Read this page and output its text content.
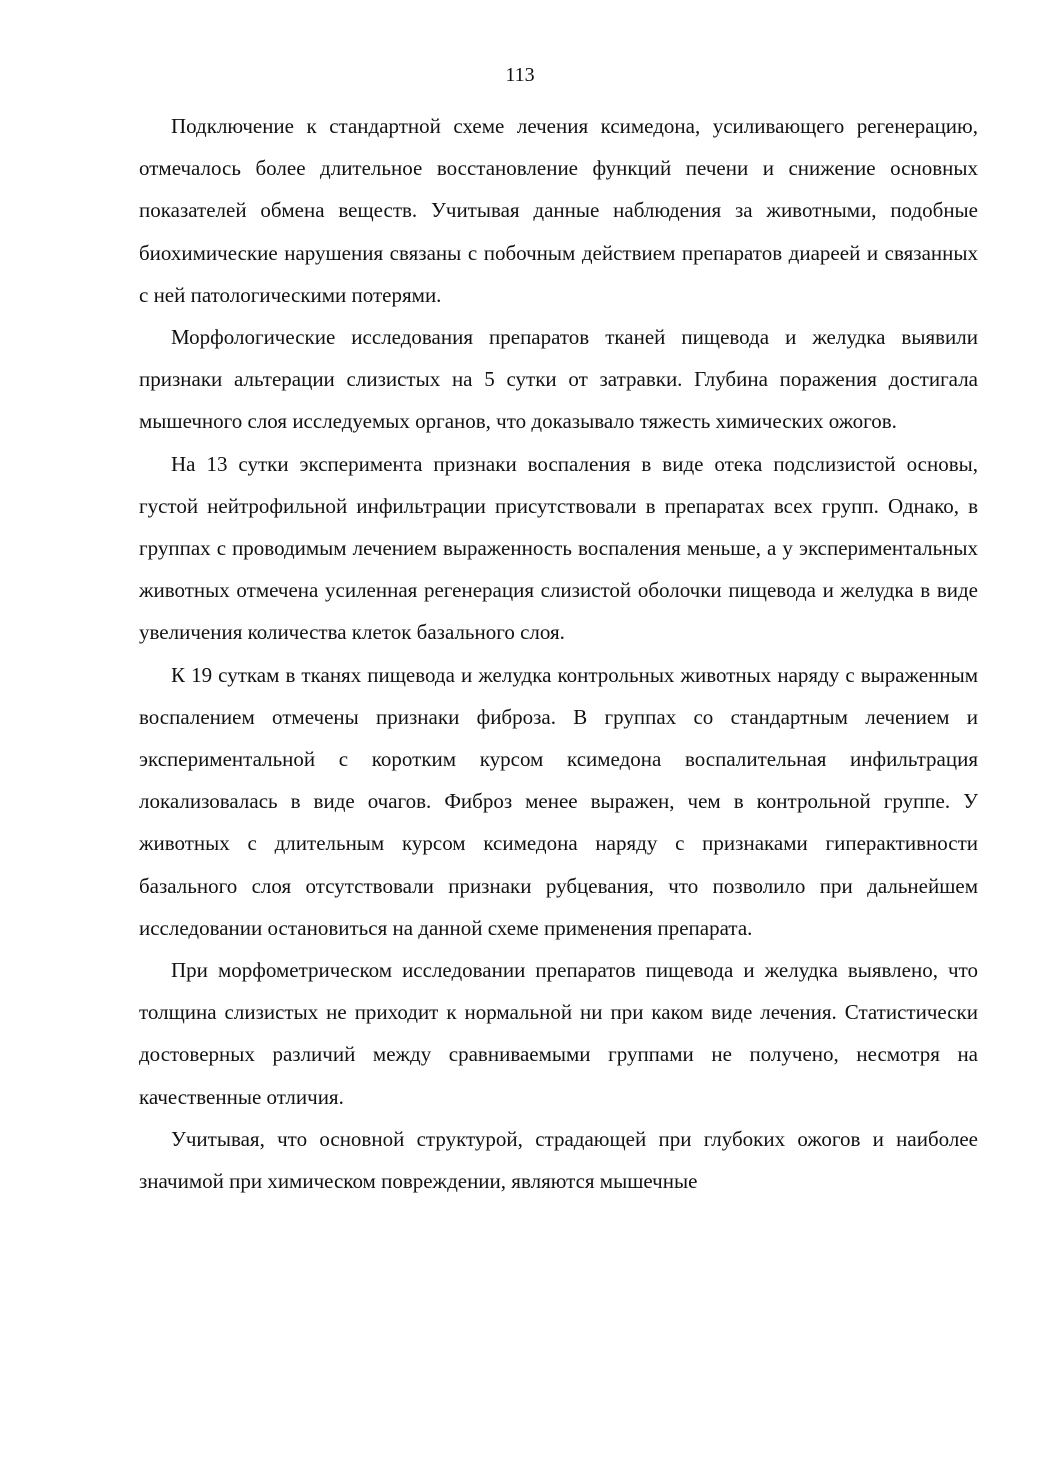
113

Подключение к стандартной схеме лечения ксимедона, усиливающего регенерацию, отмечалось более длительное восстановление функций печени и снижение основных показателей обмена веществ. Учитывая данные наблюдения за животными, подобные биохимические нарушения связаны с побочным действием препаратов диареей и связанных с ней патологическими потерями.

Морфологические исследования препаратов тканей пищевода и желудка выявили признаки альтерации слизистых на 5 сутки от затравки. Глубина поражения достигала мышечного слоя исследуемых органов, что доказывало тяжесть химических ожогов.

На 13 сутки эксперимента признаки воспаления в виде отека подслизистой основы, густой нейтрофильной инфильтрации присутствовали в препаратах всех групп. Однако, в группах с проводимым лечением выраженность воспаления меньше, а у экспериментальных животных отмечена усиленная регенерация слизистой оболочки пищевода и желудка в виде увеличения количества клеток базального слоя.

К 19 суткам в тканях пищевода и желудка контрольных животных наряду с выраженным воспалением отмечены признаки фиброза. В группах со стандартным лечением и экспериментальной с коротким курсом ксимедона воспалительная инфильтрация локализовалась в виде очагов. Фиброз менее выражен, чем в контрольной группе. У животных с длительным курсом ксимедона наряду с признаками гиперактивности базального слоя отсутствовали признаки рубцевания, что позволило при дальнейшем исследовании остановиться на данной схеме применения препарата.

При морфометрическом исследовании препаратов пищевода и желудка выявлено, что толщина слизистых не приходит к нормальной ни при каком виде лечения. Статистически достоверных различий между сравниваемыми группами не получено, несмотря на качественные отличия.

Учитывая, что основной структурой, страдающей при глубоких ожогов и наиболее значимой при химическом повреждении, являются мышечные
